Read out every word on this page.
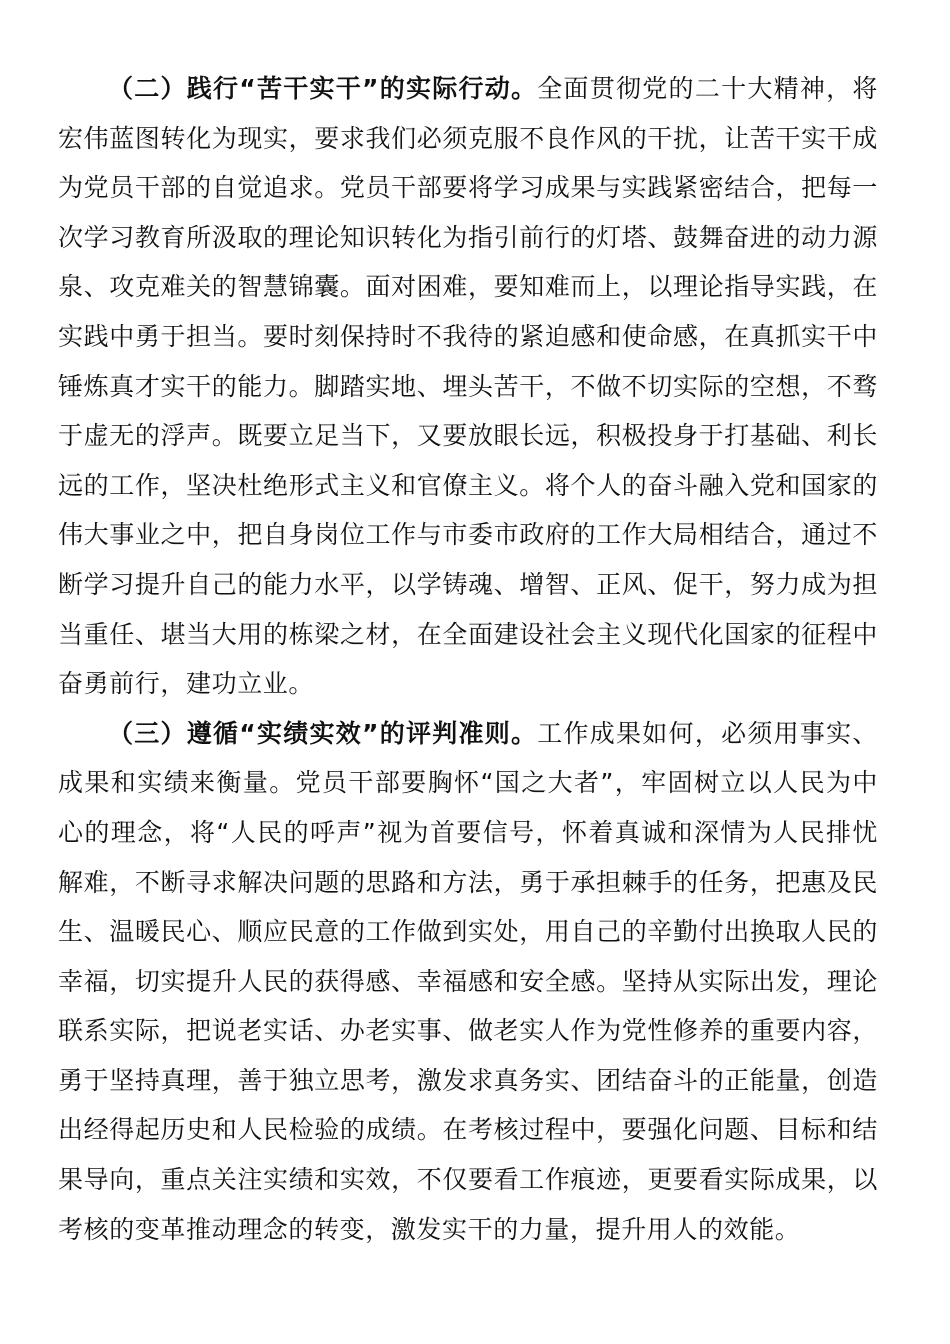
（二）践行“苦干实干”的实际行动。全面贯彻党的二十大精神，将宏伟蓝图转化为现实，要求我们必须克服不良作风的干扰，让苦干实干成为党员干部的自觉追求。党员干部要将学习成果与实践紧密结合，把每一次学习教育所汲取的理论知识转化为指引前行的灯塔、鼓舞奋进的动力源泉、攻克难关的智慧锦囊。面对困难，要知难而上，以理论指导实践，在实践中勇于担当。要时刻保持时不我待的紧迫感和使命感，在真抓实干中锤炼真才实干的能力。脚踏实地、埋头苦干，不做不切实际的空想，不骛于虚无的浮声。既要立足当下，又要放眼长远，积极投身于打基础、利长远的工作，坚决杜绝形式主义和官僚主义。将个人的奋斗融入党和国家的伟大事业之中，把自身岗位工作与市委市政府的工作大局相结合，通过不断学习提升自己的能力水平，以学铸魂、增智、正风、促干，努力成为担当重任、堪当大用的栋梁之材，在全面建设社会主义现代化国家的征程中奋勇前行，建功立业。

（三）遵循“实绩实效”的评判准则。工作成果如何，必须用事实、成果和实绩来衡量。党员干部要胸怀“国之大者”，牢固树立以人民为中心的理念，将“人民的呼声”视为首要信号，怀着真诚和深情为人民排忧解难，不断寻求解决问题的思路和方法，勇于承担棘手的任务，把惠及民生、温暖民心、顺应民意的工作做到实处，用自己的辛勤付出换取人民的幸福，切实提升人民的获得感、幸福感和安全感。坚持从实际出发，理论联系实际，把说老实话、办老实事、做老实人作为党性修养的重要内容，勇于坚持真理，善于独立思考，激发求真务实、团结奋斗的正能量，创造出经得起历史和人民检验的成绩。在考核过程中，要强化问题、目标和结果导向，重点关注实绩和实效，不仅要看工作痕迹，更要看实际成果，以考核的变革推动理念的转变，激发实干的力量，提升用人的效能。
